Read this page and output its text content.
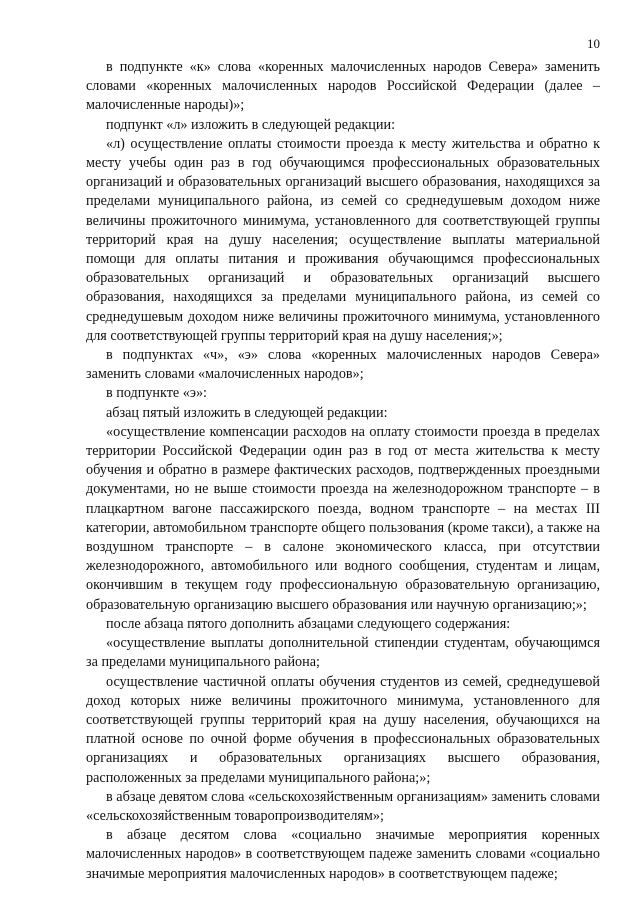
10

в подпункте «к» слова «коренных малочисленных народов Севера» заменить словами «коренных малочисленных народов Российской Федерации (далее – малочисленные народы)»;

подпункт «л» изложить в следующей редакции:

«л) осуществление оплаты стоимости проезда к месту жительства и обратно к месту учебы один раз в год обучающимся профессиональных образовательных организаций и образовательных организаций высшего образования, находящихся за пределами муниципального района, из семей со среднедушевым доходом ниже величины прожиточного минимума, установленного для соответствующей группы территорий края на душу населения; осуществление выплаты материальной помощи для оплаты питания и проживания обучающимся профессиональных образовательных организаций и образовательных организаций высшего образования, находящихся за пределами муниципального района, из семей со среднедушевым доходом ниже величины прожиточного минимума, установленного для соответствующей группы территорий края на душу населения;»;

в подпунктах «ч», «э» слова «коренных малочисленных народов Севера» заменить словами «малочисленных народов»;

в подпункте «э»:

абзац пятый изложить в следующей редакции:

«осуществление компенсации расходов на оплату стоимости проезда в пределах территории Российской Федерации один раз в год от места жительства к месту обучения и обратно в размере фактических расходов, подтвержденных проездными документами, но не выше стоимости проезда на железнодорожном транспорте – в плацкартном вагоне пассажирского поезда, водном транспорте – на местах III категории, автомобильном транспорте общего пользования (кроме такси), а также на воздушном транспорте – в салоне экономического класса, при отсутствии железнодорожного, автомобильного или водного сообщения, студентам и лицам, окончившим в текущем году профессиональную образовательную организацию, образовательную организацию высшего образования или научную организацию;»;

после абзаца пятого дополнить абзацами следующего содержания:

«осуществление выплаты дополнительной стипендии студентам, обучающимся за пределами муниципального района;

осуществление частичной оплаты обучения студентов из семей, среднедушевой доход которых ниже величины прожиточного минимума, установленного для соответствующей группы территорий края на душу населения, обучающихся на платной основе по очной форме обучения в профессиональных образовательных организациях и образовательных организациях высшего образования, расположенных за пределами муниципального района;»;

в абзаце девятом слова «сельскохозяйственным организациям» заменить словами «сельскохозяйственным товаропроизводителям»;

в абзаце десятом слова «социально значимые мероприятия коренных малочисленных народов» в соответствующем падеже заменить словами «социально значимые мероприятия малочисленных народов» в соответствующем падеже;
